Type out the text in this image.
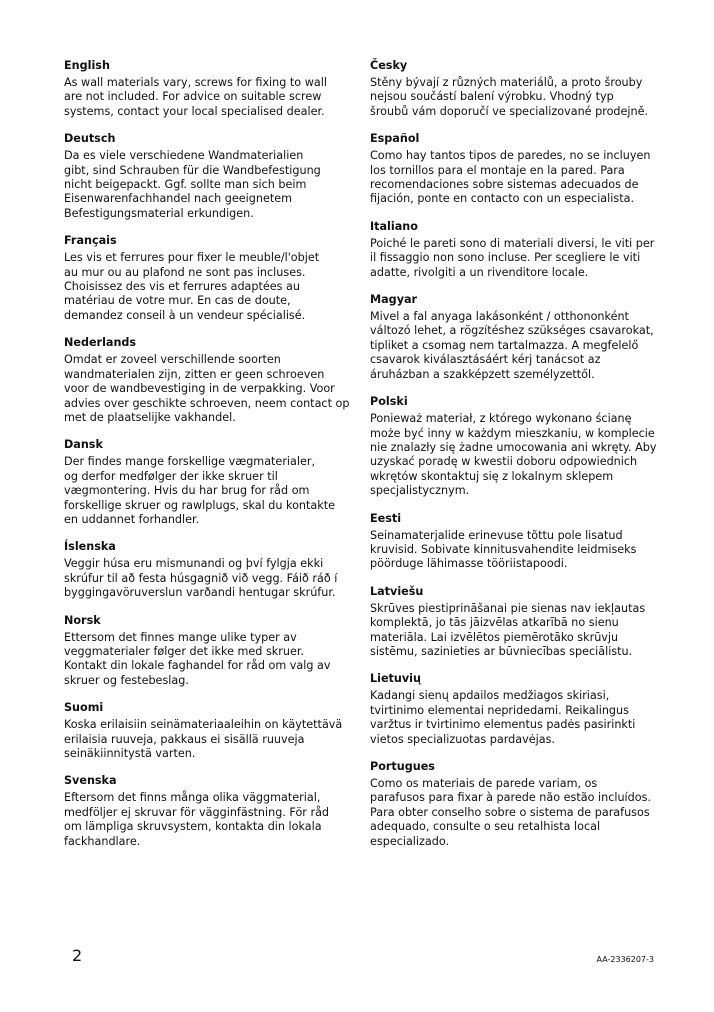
English

As wall materials vary, screws for fixing to wall
are not included. For advice on suitable screw
systems, contact your local specialised dealer.

Deutsch

Da es viele verschiedene Wandmaterialien
gibt, sind Schrauben für die Wandbefestigung
nicht beigepackt. Ggf. sollte man sich beim
Eisenwarenfachhandel nach geeignetem
Befestigungsmaterial erkundigen.

Français

Les vis et ferrures pour fixer le meuble/l'objet
au mur ou au plafond ne sont pas incluses.
Choisissez des vis et ferrures adaptées au
matériau de votre mur. En cas de doute,
demandez conseil à un vendeur spécialisé.

Nederlands

Omdat er zoveel verschillende soorten
wandmaterialen zijn, zitten er geen schroeven
voor de wandbevestiging in de verpakking. Voor
advies over geschikte schroeven, neem contact op
met de plaatselijke vakhandel.

Dansk

Der findes mange forskellige vægmaterialer,
og derfor medfølger der ikke skruer til
vægmontering. Hvis du har brug for råd om
forskellige skruer og rawlplugs, skal du kontakte
en uddannet forhandler.

Íslenska

Veggir húsa eru mismunandi og því fylgja ekki
skrúfur til að festa húsgagnið við vegg. Fáið ráð í
byggingavöruverslun varðandi hentugar skrúfur.

Norsk

Ettersom det finnes mange ulike typer av
veggmaterialer følger det ikke med skruer.
Kontakt din lokale faghandel for råd om valg av
skruer og festebeslag.

Suomi

Koska erilaisiin seinämateriaaleihin on käytettävä
erilaisia ruuveja, pakkaus ei sisällä ruuveja
seinäkiinnitystä varten.

Svenska

Eftersom det finns många olika väggmaterial,
medföljer ej skruvar för vägginfästning. För råd
om lämpliga skruvsystem, kontakta din lokala
fackhandlare.

Česky

Stěny bývají z různých materiálů, a proto šrouby
nejsou součástí balení výrobku. Vhodný typ
šroubů vám doporučí ve specializované prodejně.

Español

Como hay tantos tipos de paredes, no se incluyen
los tornillos para el montaje en la pared. Para
recomendaciones sobre sistemas adecuados de
fijación, ponte en contacto con un especialista.

Italiano

Poiché le pareti sono di materiali diversi, le viti per
il fissaggio non sono incluse. Per scegliere le viti
adatte, rivolgiti a un rivenditore locale.

Magyar

Mivel a fal anyaga lakásonként / otthononként
változó lehet, a rögzítéshez szükséges csavarokat,
tipliket a csomag nem tartalmazza. A megfelelő
csavarok kiválasztásáért kérj tanácsot az
áruházban a szakképzett személyzettől.

Polski

Ponieważ materiał, z którego wykonano ścianę
może być inny w każdym mieszkaniu, w komplecie
nie znalazły się żadne umocowania ani wkręty. Aby
uzyskać poradę w kwestii doboru odpowiednich
wkrętów skontaktuj się z lokalnym sklepem
specjalistycznym.

Eesti

Seinamaterjalide erinevuse tõttu pole lisatud
kruvisid. Sobivate kinnitusvahendite leidmiseks
pöörduge lähimasse tööriistapoodi.

Latviešu

Skrūves piestiprināšanai pie sienas nav iekļautas
komplektā, jo tās jāizvēlas atkarībā no sienu
materiāla. Lai izvēlētos piemērotāko skrūvju
sistēmu, sazinieties ar būvniecības speciālistu.

Lietuvių

Kadangi sienų apdailos medžiagos skiriasi,
tvirtinimo elementai nepridedami. Reikalingus
varžtus ir tvirtinimo elementus padės pasirinkti
vietos specializuotas pardavėjas.

Portugues

Como os materiais de parede variam, os
parafusos para fixar à parede não estão incluídos.
Para obter conselho sobre o sistema de parafusos
adequado, consulte o seu retalhista local
especializado.

2	AA-2336207-3
